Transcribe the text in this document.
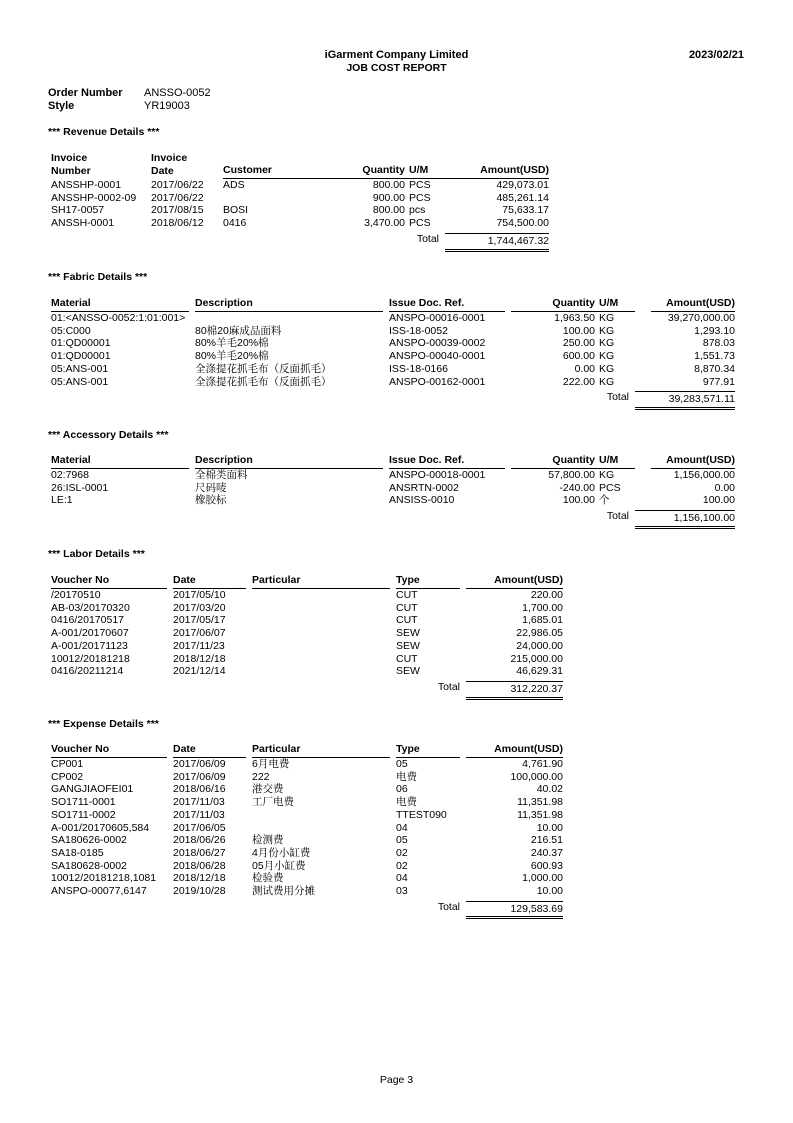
iGarment Company Limited
JOB COST REPORT
2023/02/21
Order Number ANSSO-0052
Style	YR19003
*** Revenue Details ***
Invoice Number	Invoice Date	Customer	Quantity	U/M	Amount(USD)

ANSSHP-0001	2017/06/22	ADS	800.00	PCS	429,073.01
ANSSHP-0002-09	2017/06/22		900.00	PCS	485,261.14
SH17-0057	2017/08/15	BOSI	800.00	pcs	75,633.17
ANSSH-0001	2018/06/12	0416	3,470.00	PCS	754,500.00
				Total	1,744,467.32
*** Fabric Details ***
Material	Description	Issue Doc. Ref.	Quantity	U/M	Amount(USD)

01:<ANSSO-0052:1:01:001>		ANSPO-00016-0001	1,963.50	KG	39,270,000.00
05:C000	80棉20麻成品面料	ISS-18-0052	100.00	KG	1,293.10
01:QD00001	80%羊毛20%棉	ANSPO-00039-0002	250.00	KG	878.03
01:QD00001	80%羊毛20%棉	ANSPO-00040-0001	600.00	KG	1,551.73
05:ANS-001	全涤提花抓毛布（反面抓毛）	ISS-18-0166	0.00	KG	8,870.34
05:ANS-001	全涤提花抓毛布（反面抓毛）	ANSPO-00162-0001	222.00	KG	977.91
				Total	39,283,571.11
*** Accessory Details ***
Material	Description	Issue Doc. Ref.	Quantity	U/M	Amount(USD)

02:7968	全棉类面料	ANSPO-00018-0001	57,800.00	KG	1,156,000.00
26:ISL-0001	尺码唛	ANSRTN-0002	-240.00	PCS	0.00
LE:1	橡胶标	ANSISS-0010	100.00	个	100.00
				Total	1,156,100.00
*** Labor Details ***
Voucher No	Date	Particular	Type	Amount(USD)

/20170510	2017/05/10		CUT	220.00
AB-03/20170320	2017/03/20		CUT	1,700.00
0416/20170517	2017/05/17		CUT	1,685.01
A-001/20170607	2017/06/07		SEW	22,986.05
A-001/20171123	2017/11/23		SEW	24,000.00
10012/20181218	2018/12/18		CUT	215,000.00
0416/20211214	2021/12/14		SEW	46,629.31
			Total	312,220.37
*** Expense Details ***
Voucher No	Date	Particular	Type	Amount(USD)

CP001	2017/06/09	6月电费	05	4,761.90
CP002	2017/06/09	222	电费	100,000.00
GANGJIAOFEI01	2018/06/16	港交费	06	40.02
SO1711-0001	2017/11/03	工厂电费	电费	11,351.98
SO1711-0002	2017/11/03		TTEST090	11,351.98
A-001/20170605,584	2017/06/05		04	10.00
SA180626-0002	2018/06/26	检测费	05	216.51
SA18-0185	2018/06/27	4月份小缸费	02	240.37
SA180628-0002	2018/06/28	05月小缸费	02	600.93
10012/20181218,1081	2018/12/18	检验费	04	1,000.00
ANSPO-00077,6147	2019/10/28	测试费用分摊	03	10.00
			Total	129,583.69
Page 3
